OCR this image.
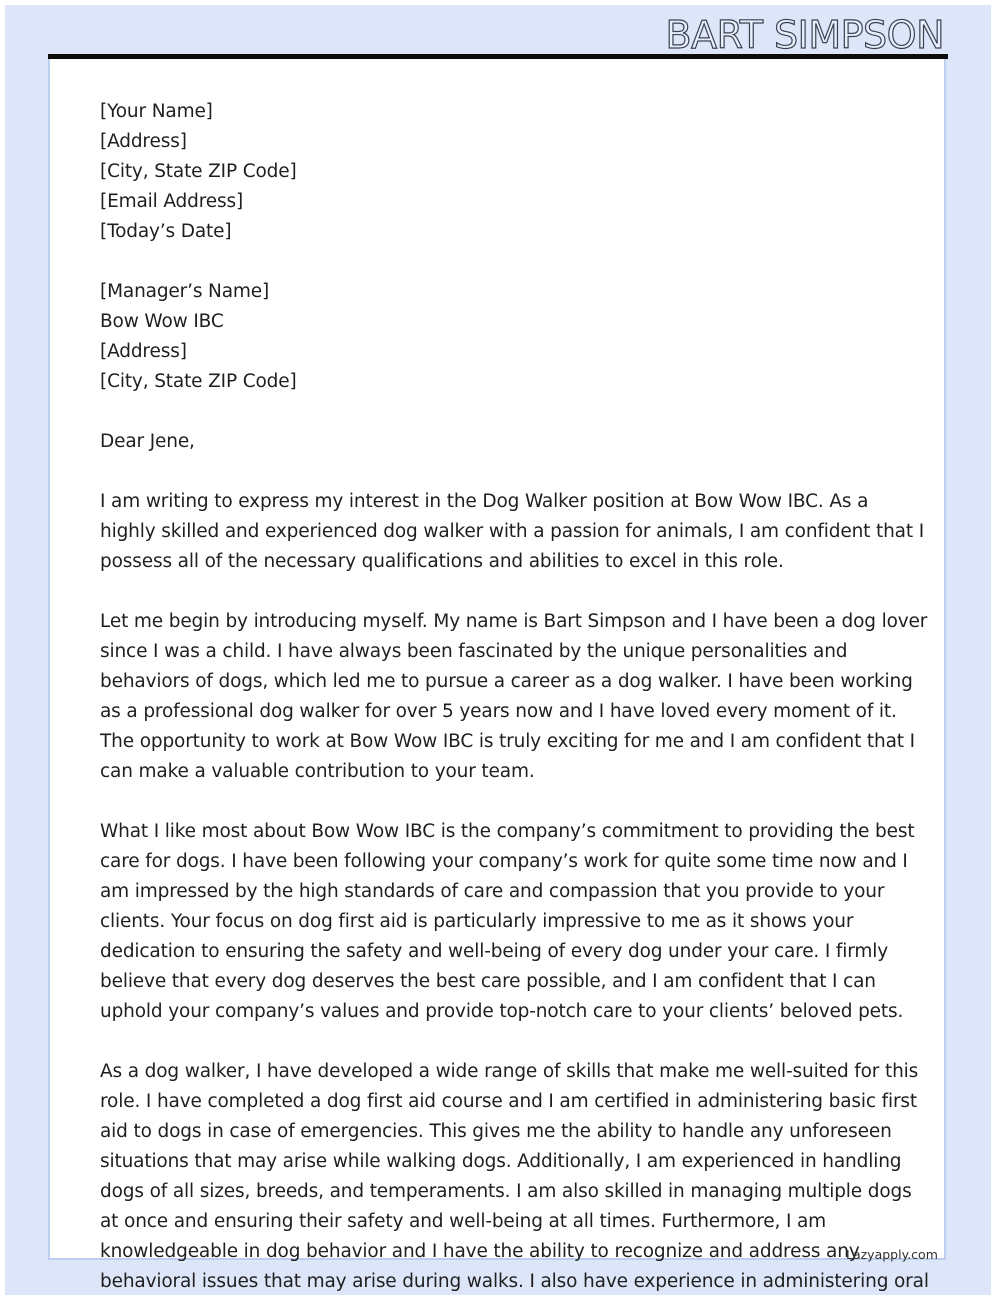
BART SIMPSON
[Your Name]
[Address]
[City, State ZIP Code]
[Email Address]
[Today’s Date]
[Manager’s Name]
Bow Wow IBC
[Address]
[City, State ZIP Code]
Dear Jene,
I am writing to express my interest in the Dog Walker position at Bow Wow IBC. As a
highly skilled and experienced dog walker with a passion for animals, I am confident that I
possess all of the necessary qualifications and abilities to excel in this role.
Let me begin by introducing myself. My name is Bart Simpson and I have been a dog lover
since I was a child. I have always been fascinated by the unique personalities and
behaviors of dogs, which led me to pursue a career as a dog walker. I have been working
as a professional dog walker for over 5 years now and I have loved every moment of it.
The opportunity to work at Bow Wow IBC is truly exciting for me and I am confident that I
can make a valuable contribution to your team.
What I like most about Bow Wow IBC is the company’s commitment to providing the best
care for dogs. I have been following your company’s work for quite some time now and I
am impressed by the high standards of care and compassion that you provide to your
clients. Your focus on dog first aid is particularly impressive to me as it shows your
dedication to ensuring the safety and well-being of every dog under your care. I firmly
believe that every dog deserves the best care possible, and I am confident that I can
uphold your company’s values and provide top-notch care to your clients’ beloved pets.
As a dog walker, I have developed a wide range of skills that make me well-suited for this
role. I have completed a dog first aid course and I am certified in administering basic first
aid to dogs in case of emergencies. This gives me the ability to handle any unforeseen
situations that may arise while walking dogs. Additionally, I am experienced in handling
dogs of all sizes, breeds, and temperaments. I am also skilled in managing multiple dogs
at once and ensuring their safety and well-being at all times. Furthermore, I am
knowledgeable in dog behavior and I have the ability to recognize and address any
behavioral issues that may arise during walks. I also have experience in administering oral
Lazyapply.com
